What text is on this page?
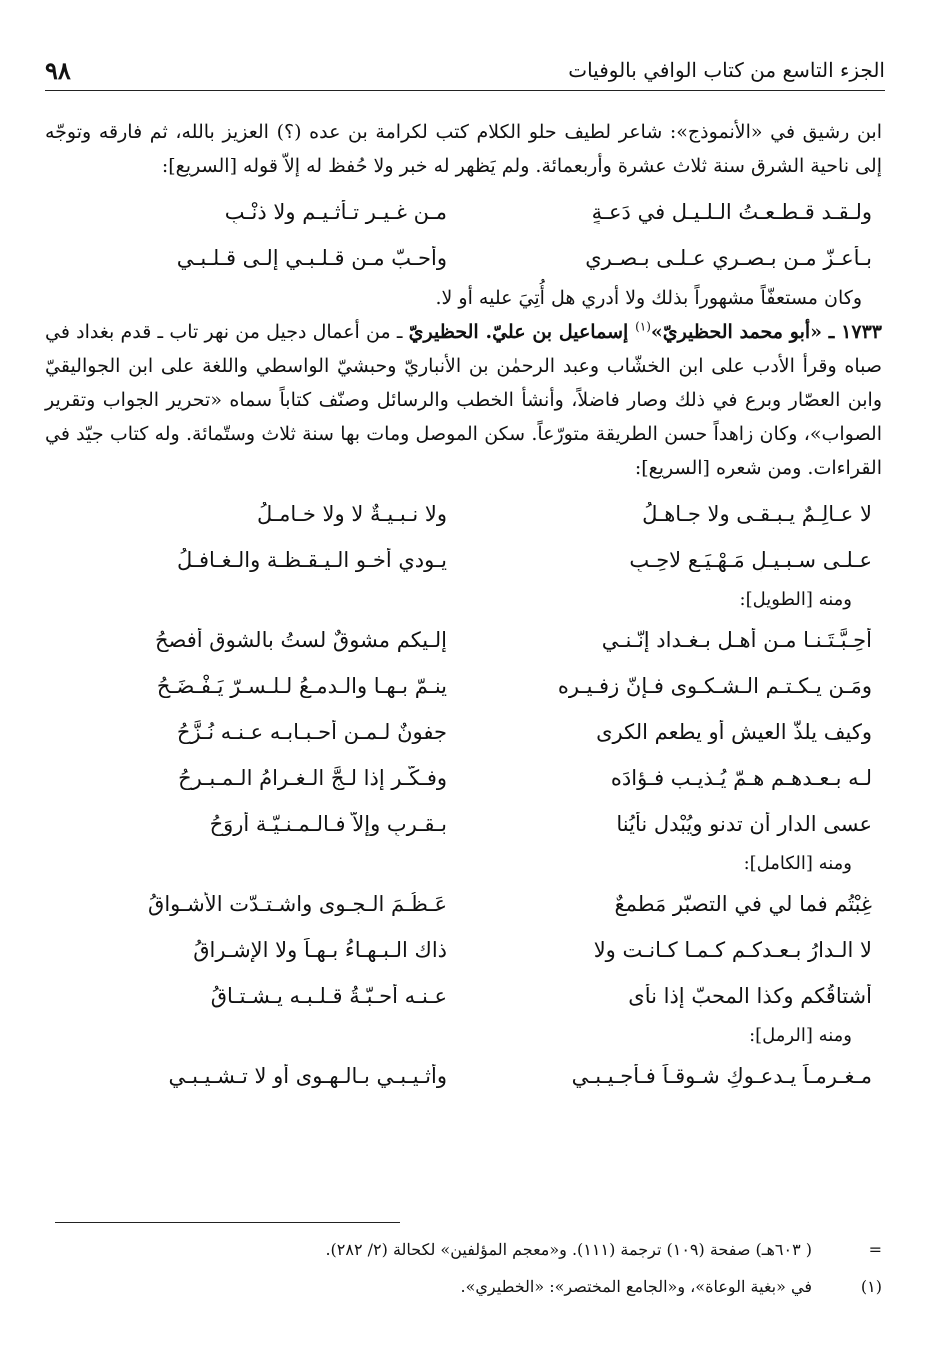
الجزء التاسع من كتاب الوافي بالوفيات
٩٨

ابن رشيق في «الأنموذج»: شاعر لطيف حلو الكلام كتب لكرامة بن عده (؟) العزيز بالله، ثم فارقه وتوجّه إلى ناحية الشرق سنة ثلاث عشرة وأربعمائة. ولم يَظهر له خبر ولا حُفظ له إلاّ قوله [السريع]:

ولـقـد قـطـعـتُ الـلـيـل في دَعـةٍ
مـن غـيـر تـأثـيـم ولا ذنْـبِ
بـأعـزّ مـن بـصـري عـلـى بـصـري
وأحـبّ مـن قـلـبـي إلـى قـلـبـي

وكان مستعفّاً مشهوراً بذلك ولا أدري هل أُتِيَ عليه أو لا.

١٧٣٣ ـ «أبو محمد الحظيريّ»$^{(١)}$ إسماعيل بن عليّ. الحظيريّ ـ من أعمال دجيل من نهر تاب ـ قدم بغداد في صباه وقرأ الأدب على ابن الخشّاب وعبد الرحمٰن بن الأنباريّ وحبشيّ الواسطي واللغة على ابن الجواليقيّ وابن العصّار وبرع في ذلك وصار فاضلاً، وأنشأ الخطب والرسائل وصنّف كتاباً سماه «تحرير الجواب وتقرير الصواب»، وكان زاهداً حسن الطريقة متورّعاً. سكن الموصل ومات بها سنة ثلاث وستّمائة. وله كتاب جيّد في القراءات. ومن شعره [السريع]:

لا عـالِـمٌ يـبـقـى ولا جـاهـلُ
ولا نـبـيـةٌ لا ولا خـامـلُ
عـلـى سـبـيـلٍ مَـهْـيَـعٍ لاحِـبٍ
يـودي أخـو الـيـقـظـة والـغـافـلُ
ومنه [الطويل]:
أحِـبَّـتَـنـا مـن أهـل بـغـداد إنّـنـي
إلـيكم مشوقٌ لستُ بالشوق أفصحُ
ومَـن يـكـتـم الـشـكـوى فـإنّ زفـيـره
ينـمّ بـهـا والـدمـعُ لـلـسـرّ يَـفْـضَـحُ
وكيف يلذّ العيش أو يطعم الكرى
جفونٌ لـمـن أحـبـابـه عـنـه نُـزَّحُ
لـه بـعـدهـم هـمّ يُـذيـب فـؤادَه
وفـكّـر إذا لـجَّ الـغـرامُ الـمـبـرحُ
عسى الدار أن تدنو ويُبْدل نأيُنا
بـقـربٍ وإلاّ فـالـمـنـيّـة أروَحُ
ومنه [الكامل]:
غِبْتُم فما لي في التصبّر مَطمعٌ
عَـظُـمَ الـجـوى واشـتـدّت الأشـواقُ
لا الـدارُ بـعـدكـم كـمـا كـانـت ولا
ذاك الـبـهـاءُ بـهـاً ولا الإشـراقُ
أشتاقُكم وكذا المحبّ إذا نأى
عـنـه أحـبّـةُ قـلـبـه يـشـتـاقُ
ومنه [الرمل]:
مـغـرمـاً يـدعـوكِ شـوقـاً فـأجـيـبـي
وأثـيـبـي بـالـهـوى أو لا تـشـيـبـي
=
( ٦٠٣هـ) صفحة (١٠٩) ترجمة (١١١). و«معجم المؤلفين» لكحالة (٢/ ٢٨٢).
(١)
في «بغية الوعاة»، و«الجامع المختصر»: «الخطيري».
